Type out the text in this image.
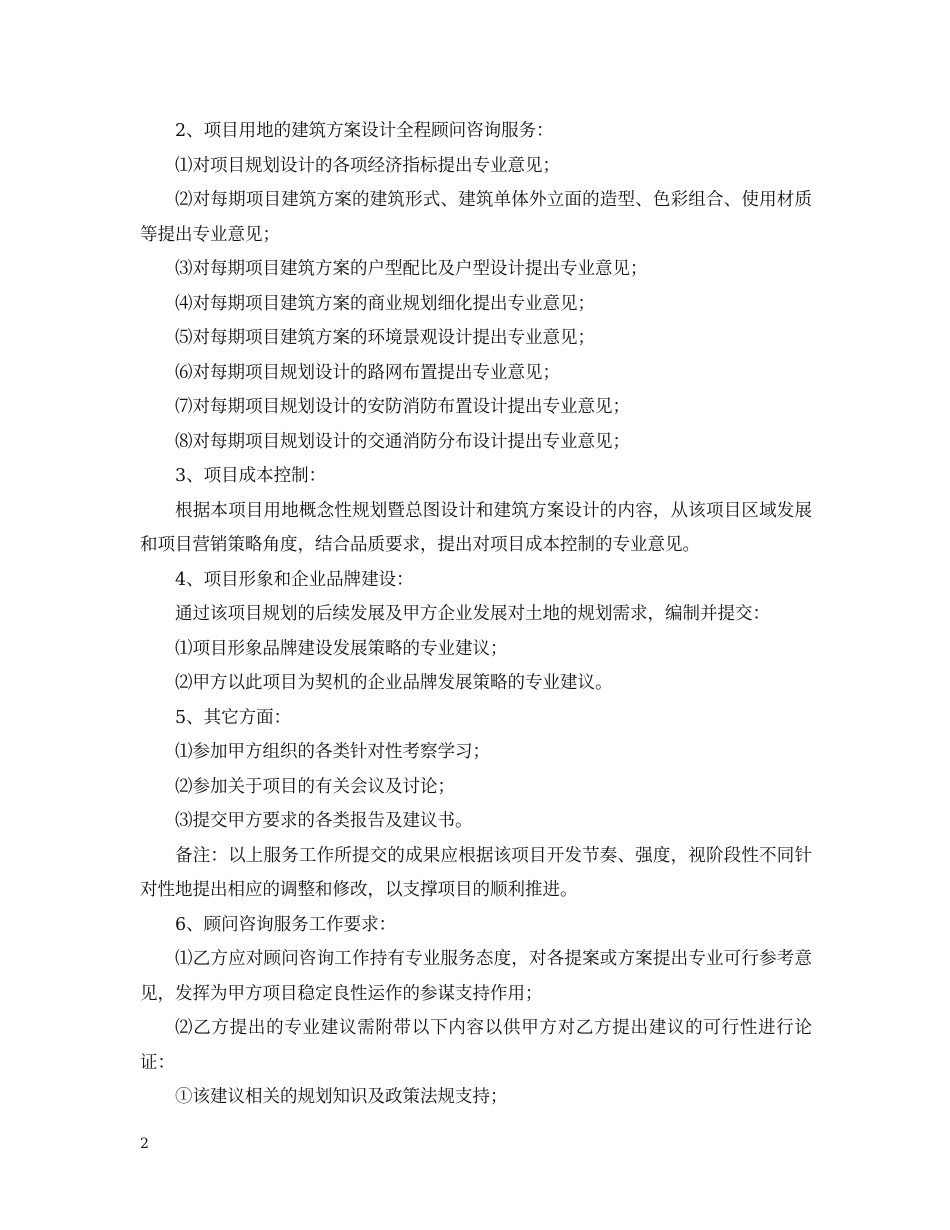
2、项目用地的建筑方案设计全程顾问咨询服务：

⑴对项目规划设计的各项经济指标提出专业意见；

⑵对每期项目建筑方案的建筑形式、建筑单体外立面的造型、色彩组合、使用材质等提出专业意见；

⑶对每期项目建筑方案的户型配比及户型设计提出专业意见；

⑷对每期项目建筑方案的商业规划细化提出专业意见；

⑸对每期项目建筑方案的环境景观设计提出专业意见；

⑹对每期项目规划设计的路网布置提出专业意见；

⑺对每期项目规划设计的安防消防布置设计提出专业意见；

⑻对每期项目规划设计的交通消防分布设计提出专业意见；

3、项目成本控制：

根据本项目用地概念性规划暨总图设计和建筑方案设计的内容，从该项目区域发展和项目营销策略角度，结合品质要求，提出对项目成本控制的专业意见。

4、项目形象和企业品牌建设：

通过该项目规划的后续发展及甲方企业发展对土地的规划需求，编制并提交：

⑴项目形象品牌建设发展策略的专业建议；

⑵甲方以此项目为契机的企业品牌发展策略的专业建议。

5、其它方面：

⑴参加甲方组织的各类针对性考察学习；

⑵参加关于项目的有关会议及讨论；

⑶提交甲方要求的各类报告及建议书。

备注：以上服务工作所提交的成果应根据该项目开发节奏、强度，视阶段性不同针对性地提出相应的调整和修改，以支撑项目的顺利推进。

6、顾问咨询服务工作要求：

⑴乙方应对顾问咨询工作持有专业服务态度，对各提案或方案提出专业可行参考意见，发挥为甲方项目稳定良性运作的参谋支持作用；

⑵乙方提出的专业建议需附带以下内容以供甲方对乙方提出建议的可行性进行论证：

①该建议相关的规划知识及政策法规支持；

2
